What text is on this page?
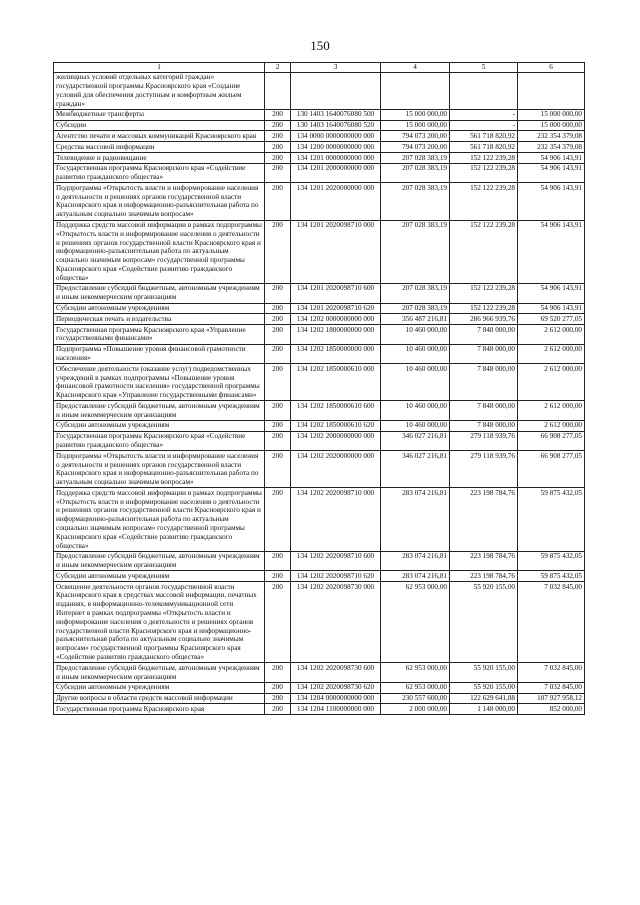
150
1	2	3	4	5	6
жилищных условий отдельных категорий граждан» государственной программы Красноярского края «Создание условий для обеспечения доступным и комфортным жильем граждан»					
Межбюджетные трансферты	200	130 1403 1640076080 500	15 000 000,00	-	15 000 000,00
Субсидии	200	130 1403 1640076080 520	15 000 000,00	-	15 000 000,00
Агентство печати и массовых коммуникаций Красноярского края	200	134 0000 0000000000 000	794 073 200,00	561 718 820,92	232 354 379,08
Средства массовой информации	200	134 1200 0000000000 000	794 073 200,00	561 718 820,92	232 354 379,08
Телевидение и радиовещание	200	134 1201 0000000000 000	207 028 383,19	152 122 239,28	54 906 143,91
Государственная программа Красноярского края «Содействие развитию гражданского общества»	200	134 1201 2000000000 000	207 028 383,19	152 122 239,28	54 906 143,91
Подпрограмма «Открытость власти и информирование населения о деятельности и решениях органов государственной власти Красноярского края и информационно-разъяснительная работа по актуальным социально значимым вопросам»	200	134 1201 2020000000 000	207 028 383,19	152 122 239,28	54 906 143,91
Поддержка средств массовой информации в рамках подпрограммы «Открытость власти и информирование населения о деятельности и решениях органов государственной власти Красноярского края и информационно-разъяснительная работа по актуальным социально значимым вопросам» государственной программы Красноярского края «Содействие развитию гражданского общества»	200	134 1201 2020098710 000	207 028 383,19	152 122 239,28	54 906 143,91
Предоставление субсидий бюджетным, автономным учреждениям и иным некоммерческим организациям	200	134 1201 2020098710 600	207 028 383,19	152 122 239,28	54 906 143,91
Субсидии автономным учреждениям	200	134 1201 2020098710 620	207 028 383,19	152 122 239,28	54 906 143,91
Периодическая печать и издательства	200	134 1202 0000000000 000	356 487 216,81	286 966 939,76	69 520 277,05
Государственная программа Красноярского края «Управление государственными финансами»	200	134 1202 1800000000 000	10 460 000,00	7 848 000,00	2 612 000,00
Подпрограмма «Повышение уровня финансовой грамотности населения»	200	134 1202 1850000000 000	10 460 000,00	7 848 000,00	2 612 000,00
Обеспечение деятельности (оказание услуг) подведомственных учреждений в рамках подпрограммы «Повышение уровня финансовой грамотности населения» государственной программы Красноярского края «Управление государственными финансами»	200	134 1202 1850000610 000	10 460 000,00	7 848 000,00	2 612 000,00
Предоставление субсидий бюджетным, автономным учреждениям и иным некоммерческим организациям	200	134 1202 1850000610 600	10 460 000,00	7 848 000,00	2 612 000,00
Субсидии автономным учреждениям	200	134 1202 1850000610 620	10 460 000,00	7 848 000,00	2 612 000,00
Государственная программа Красноярского края «Содействие развитию гражданского общества»	200	134 1202 2000000000 000	346 027 216,81	279 118 939,76	66 908 277,05
Подпрограмма «Открытость власти и информирование населения о деятельности и решениях органов государственной власти Красноярского края и информационно-разъяснительная работа по актуальным социально значимым вопросам»	200	134 1202 2020000000 000	346 027 216,81	279 118 939,76	66 908 277,05
Поддержка средств массовой информации в рамках подпрограммы «Открытость власти и информирование населения о деятельности и решениях органов государственной власти Красноярского края и информационно-разъяснительная работа по актуальным социально значимым вопросам» государственной программы Красноярского края «Содействие развитию гражданского общества»	200	134 1202 2020098710 000	283 074 216,81	223 198 784,76	59 875 432,05
Предоставление субсидий бюджетным, автономным учреждениям и иным некоммерческим организациям	200	134 1202 2020098710 600	283 074 216,81	223 198 784,76	59 875 432,05
Субсидии автономным учреждениям	200	134 1202 2020098710 620	283 074 216,81	223 198 784,76	59 875 432,05
Освещение деятельности органов государственной власти Красноярского края в средствах массовой информации, печатных изданиях, в информационно-телекоммуникационной сети Интернет в рамках подпрограммы «Открытость власти и информирование населения о деятельности и решениях органов государственной власти Красноярского края и информационно-разъяснительная работа по актуальным социально значимым вопросам» государственной программы Красноярского края «Содействие развитию гражданского общества»	200	134 1202 2020098730 000	62 953 000,00	55 920 155,00	7 032 845,00
Предоставление субсидий бюджетным, автономным учреждениям и иным некоммерческим организациям	200	134 1202 2020098730 600	62 953 000,00	55 920 155,00	7 032 845,00
Субсидии автономным учреждениям	200	134 1202 2020098730 620	62 953 000,00	55 920 155,00	7 032 845,00
Другие вопросы в области средств массовой информации	200	134 1204 0000000000 000	230 557 600,00	122 629 641,88	107 927 958,12
Государственная программа Красноярского края	200	134 1204 1100000000 000	2 000 000,00	1 148 000,00	852 000,00
